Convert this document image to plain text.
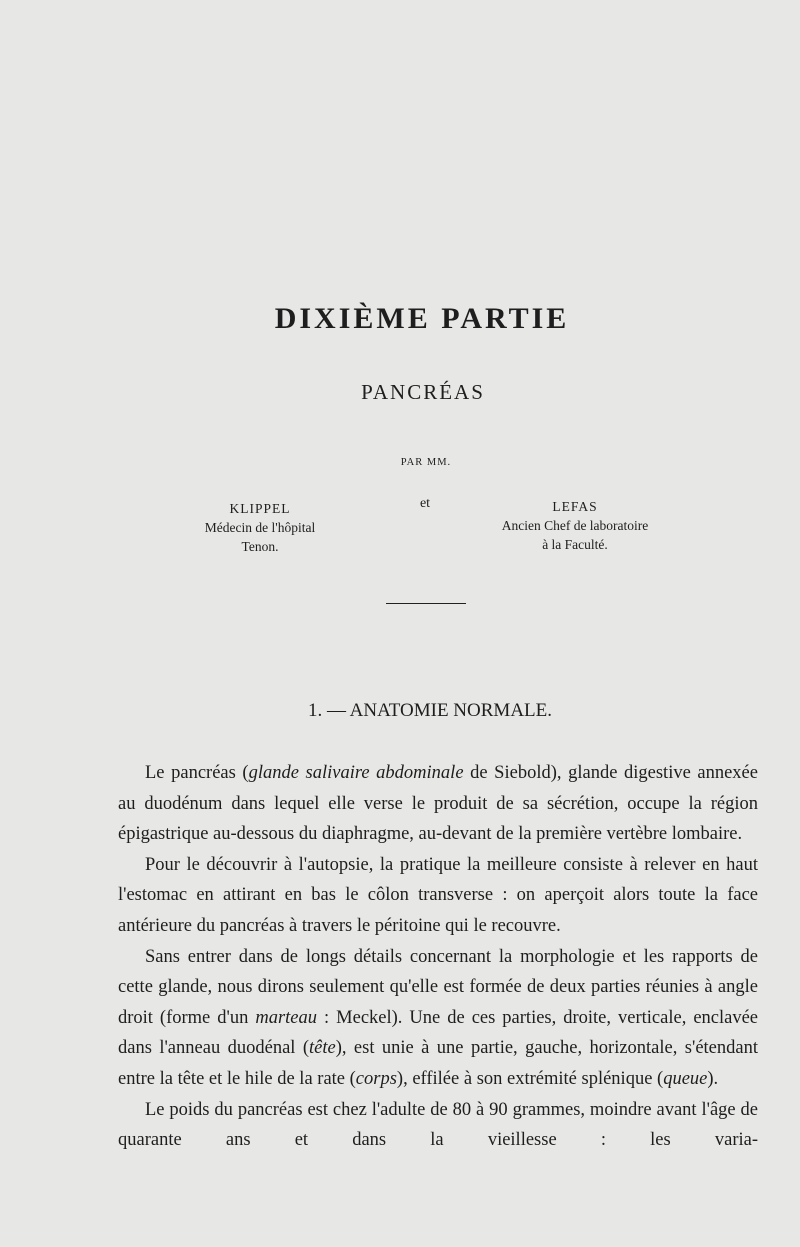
DIXIÈME PARTIE
PANCRÉAS
PAR MM.
KLIPPEL
Médecin de l'hôpital
Tenon.
et	LEFAS
Ancien Chef de laboratoire
à la Faculté.
1. — ANATOMIE NORMALE.

Le pancréas (glande salivaire abdominale de Siebold), glande digestive annexée au duodénum dans lequel elle verse le produit de sa sécrétion, occupe la région épigastrique au-dessous du diaphragme, au-devant de la première vertèbre lombaire.

Pour le découvrir à l'autopsie, la pratique la meilleure consiste à relever en haut l'estomac en attirant en bas le côlon transverse : on aperçoit alors toute la face antérieure du pancréas à travers le péritoine qui le recouvre.

Sans entrer dans de longs détails concernant la morphologie et les rapports de cette glande, nous dirons seulement qu'elle est formée de deux parties réunies à angle droit (forme d'un marteau : Meckel). Une de ces parties, droite, verticale, enclavée dans l'anneau duodénal (tête), est unie à une partie, gauche, horizontale, s'étendant entre la tête et le hile de la rate (corps), effilée à son extrémité splénique (queue).

Le poids du pancréas est chez l'adulte de 80 à 90 grammes, moindre avant l'âge de quarante ans et dans la vieillesse : les varia-
